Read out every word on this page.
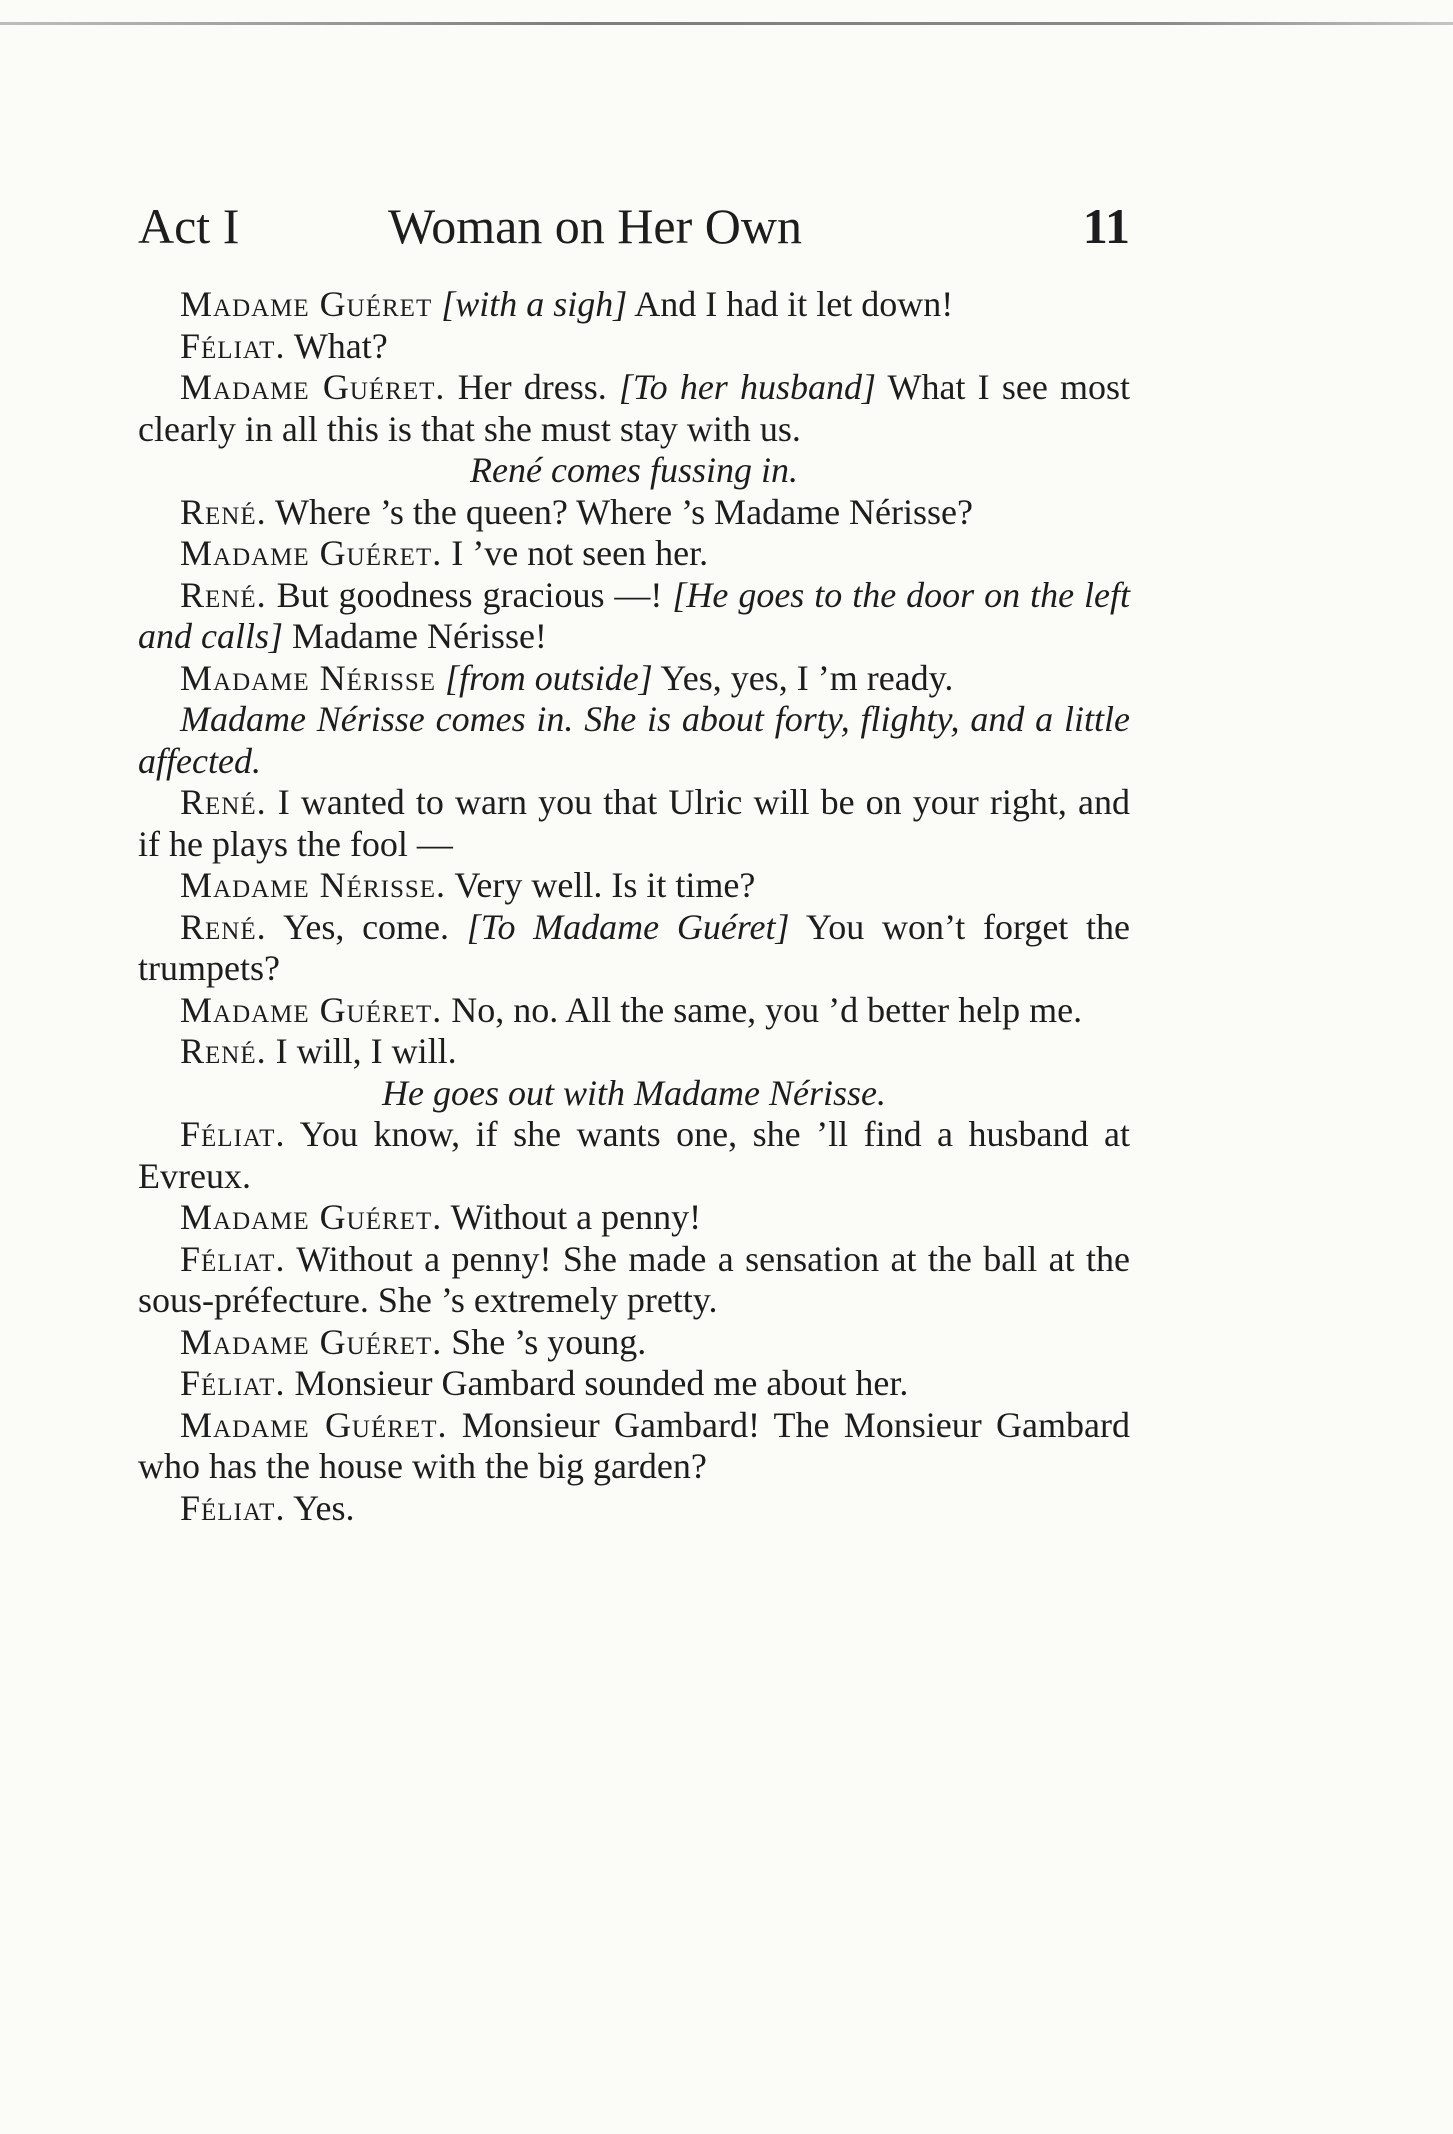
Act I	Woman on Her Own	11

Madame Guéret [with a sigh] And I had it let down!

Féliat. What?

Madame Guéret. Her dress. [To her husband] What I see most clearly in all this is that she must stay with us.

René comes fussing in.

René. Where ’s the queen? Where ’s Madame Nérisse?

Madame Guéret. I ’ve not seen her.

René. But goodness gracious —! [He goes to the door on the left and calls] Madame Nérisse!

Madame Nérisse [from outside] Yes, yes, I ’m ready.

Madame Nérisse comes in. She is about forty, flighty, and a little affected.

René. I wanted to warn you that Ulric will be on your right, and if he plays the fool —

Madame Nérisse. Very well. Is it time?

René. Yes, come. [To Madame Guéret] You won’t forget the trumpets?

Madame Guéret. No, no. All the same, you ’d better help me.

René. I will, I will.

He goes out with Madame Nérisse.

Féliat. You know, if she wants one, she ’ll find a husband at Evreux.

Madame Guéret. Without a penny!

Féliat. Without a penny! She made a sensation at the ball at the sous-préfecture. She ’s extremely pretty.

Madame Guéret. She ’s young.

Féliat. Monsieur Gambard sounded me about her.

Madame Guéret. Monsieur Gambard! The Monsieur Gambard who has the house with the big garden?

Féliat. Yes.
